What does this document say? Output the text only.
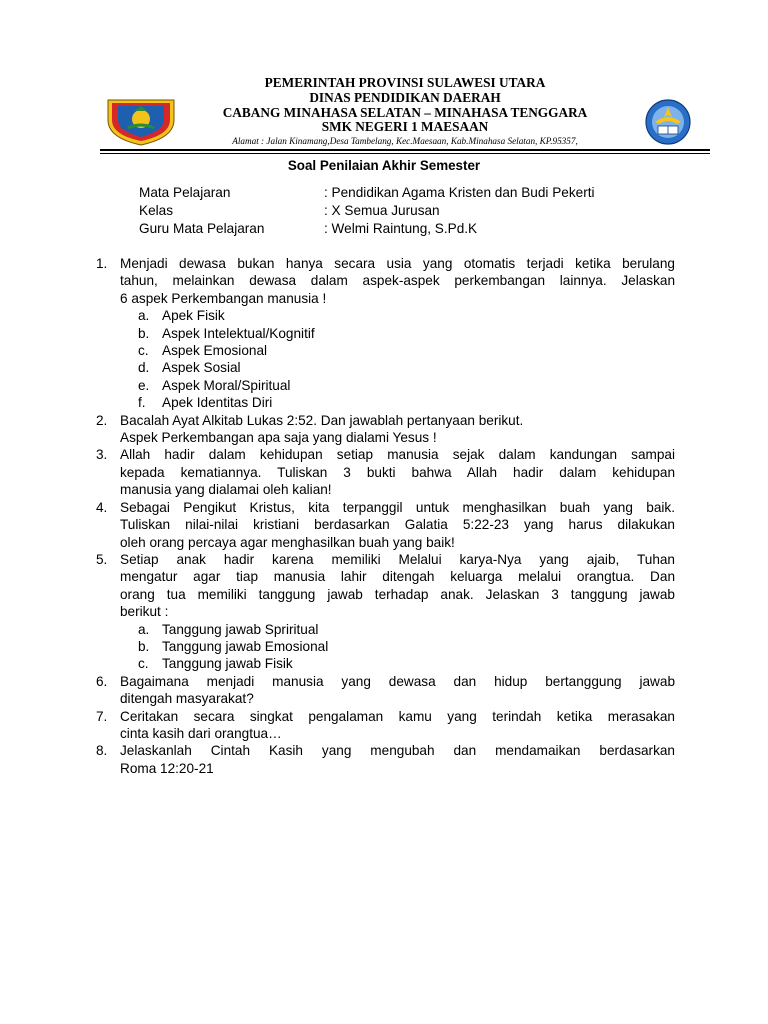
PEMERINTAH PROVINSI SULAWESI UTARA
DINAS PENDIDIKAN DAERAH
CABANG MINAHASA SELATAN – MINAHASA TENGGARA
SMK NEGERI 1 MAESAAN
Alamat : Jalan Kinamang,Desa Tambelang, Kec.Maesaan, Kab.Minahasa Selatan, KP.95357,
Soal Penilaian Akhir Semester
Mata Pelajaran	: Pendidikan Agama Kristen dan Budi Pekerti
Kelas	: X Semua Jurusan
Guru Mata Pelajaran	: Welmi Raintung, S.Pd.K
1. Menjadi dewasa bukan hanya secara usia yang otomatis terjadi ketika berulang
tahun, melainkan dewasa dalam aspek-aspek perkembangan lainnya. Jelaskan
6 aspek Perkembangan manusia !
a. Apek Fisik
b. Aspek Intelektual/Kognitif
c. Aspek Emosional
d. Aspek Sosial
e. Aspek Moral/Spiritual
f.	Apek Identitas Diri
2. Bacalah Ayat Alkitab Lukas 2:52. Dan jawablah pertanyaan berikut.
Aspek Perkembangan apa saja yang dialami Yesus !
3. Allah hadir dalam kehidupan setiap manusia sejak dalam kandungan sampai
kepada kematiannya. Tuliskan 3 bukti bahwa Allah hadir dalam kehidupan
manusia yang dialamai oleh kalian!
4. Sebagai Pengikut Kristus, kita terpanggil untuk menghasilkan buah yang baik.
Tuliskan nilai-nilai kristiani berdasarkan Galatia 5:22-23 yang harus dilakukan
oleh orang percaya agar menghasilkan buah yang baik!
5. Setiap anak hadir karena memiliki Melalui karya-Nya yang ajaib, Tuhan
mengatur agar tiap manusia lahir ditengah keluarga melalui orangtua. Dan
orang tua memiliki tanggung jawab terhadap anak. Jelaskan 3 tanggung jawab
berikut :
a. Tanggung jawab Spriritual
b. Tanggung jawab Emosional
c. Tanggung jawab Fisik
6. Bagaimana menjadi manusia yang dewasa dan hidup bertanggung jawab
ditengah masyarakat?
7. Ceritakan secara singkat pengalaman kamu yang terindah ketika merasakan
cinta kasih dari orangtua…
8. Jelaskanlah Cintah Kasih yang mengubah dan mendamaikan berdasarkan
Roma 12:20-21
